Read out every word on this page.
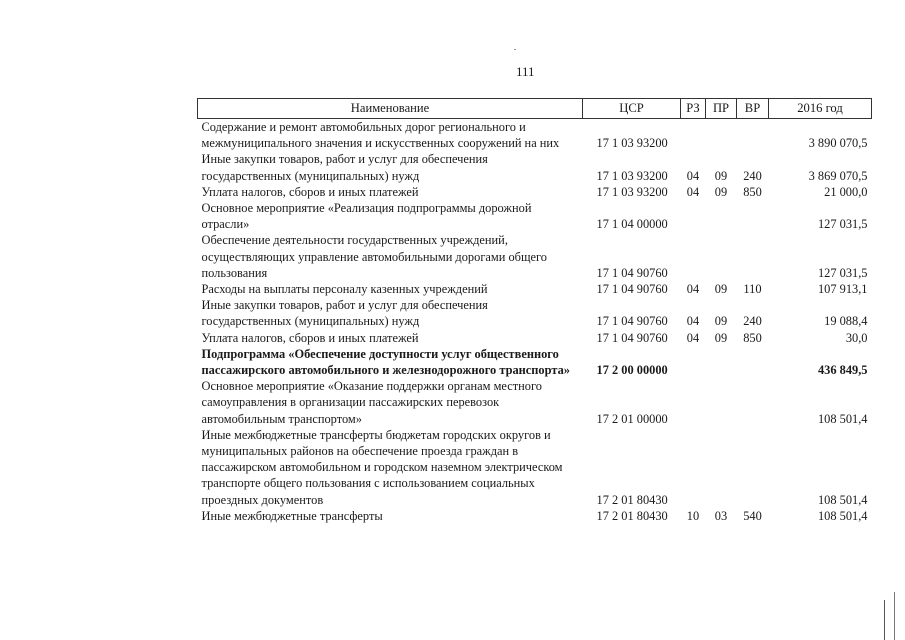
111
Наименование	ЦСР	РЗ	ПР	ВР	2016 год
Содержание и ремонт автомобильных дорог регионального и межмуниципального значения и искусственных сооружений на них	17 1 03 93200				3 890 070,5
Иные закупки товаров, работ и услуг для обеспечения государственных (муниципальных) нужд	17 1 03 93200	04	09	240	3 869 070,5
Уплата налогов, сборов и иных платежей	17 1 03 93200	04	09	850	21 000,0
Основное мероприятие «Реализация подпрограммы дорожной отрасли»	17 1 04 00000				127 031,5
Обеспечение деятельности государственных учреждений, осуществляющих управление автомобильными дорогами общего пользования	17 1 04 90760				127 031,5
Расходы на выплаты персоналу казенных учреждений	17 1 04 90760	04	09	110	107 913,1
Иные закупки товаров, работ и услуг для обеспечения государственных (муниципальных) нужд	17 1 04 90760	04	09	240	19 088,4
Уплата налогов, сборов и иных платежей	17 1 04 90760	04	09	850	30,0
Подпрограмма «Обеспечение доступности услуг общественного пассажирского автомобильного и железнодорожного транспорта»	17 2 00 00000				436 849,5
Основное мероприятие «Оказание поддержки органам местного самоуправления в организации пассажирских перевозок автомобильным транспортом»	17 2 01 00000				108 501,4
Иные межбюджетные трансферты бюджетам городских округов и муниципальных районов на обеспечение проезда граждан в пассажирском автомобильном и городском наземном электрическом транспорте общего пользования с использованием социальных проездных документов	17 2 01 80430				108 501,4
Иные межбюджетные трансферты	17 2 01 80430	10	03	540	108 501,4
